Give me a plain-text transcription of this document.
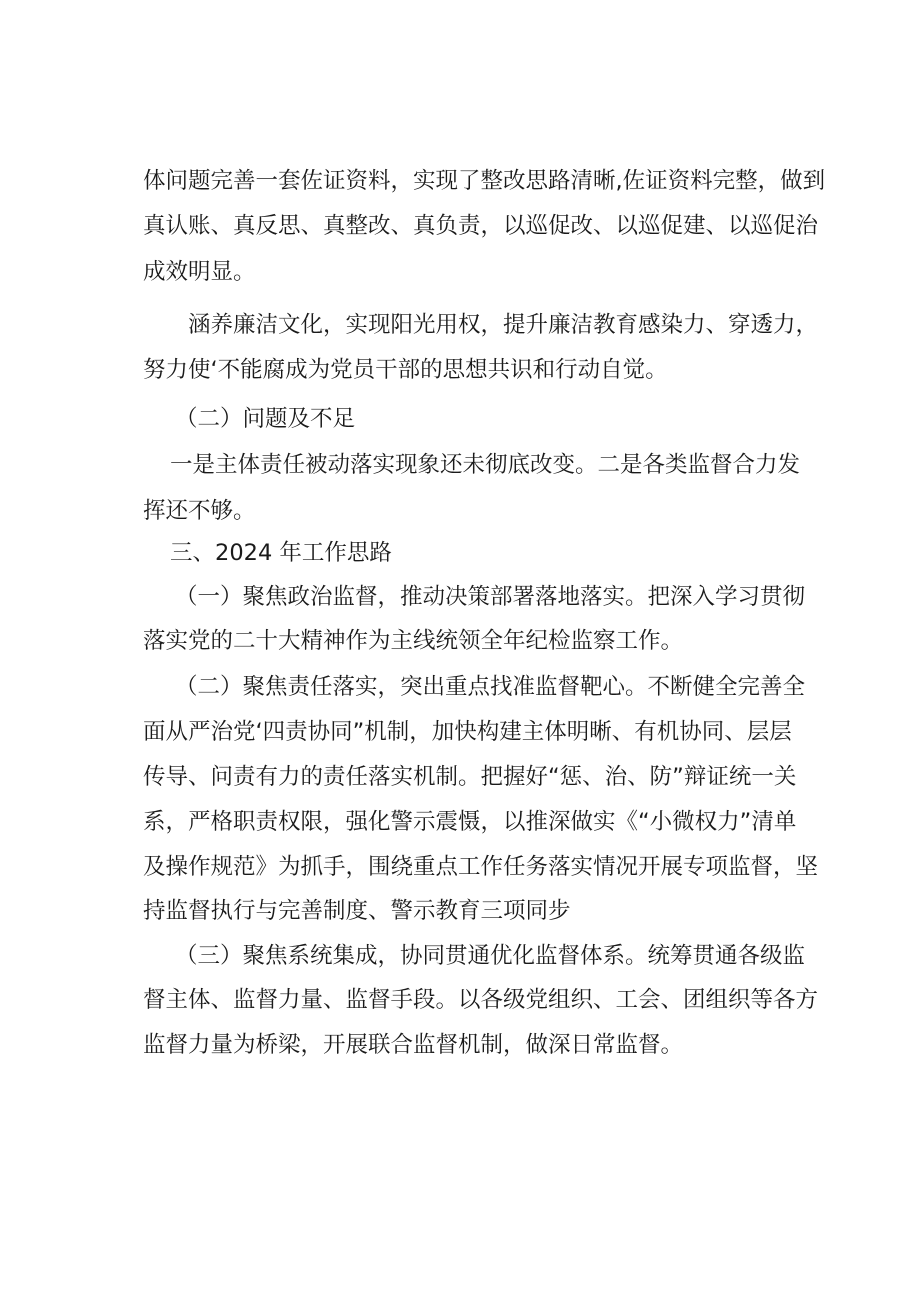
体问题完善一套佐证资料，实现了整改思路清晰,佐证资料完整，做到
真认账、真反思、真整改、真负责，以巡促改、以巡促建、以巡促治
成效明显。
涵养廉洁文化，实现阳光用权，提升廉洁教育感染力、穿透力，
努力使‘不能腐成为党员干部的思想共识和行动自觉。
（二）问题及不足
一是主体责任被动落实现象还未彻底改变。二是各类监督合力发
挥还不够。
三、2024 年工作思路
（一）聚焦政治监督，推动决策部署落地落实。把深入学习贯彻
落实党的二十大精神作为主线统领全年纪检监察工作。
（二）聚焦责任落实，突出重点找准监督靶心。不断健全完善全
面从严治党‘四责协同”机制，加快构建主体明晰、有机协同、层层
传导、问责有力的责任落实机制。把握好“惩、治、防”辩证统一关
系，严格职责权限，强化警示震慑，以推深做实《“小微权力”清单
及操作规范》为抓手，围绕重点工作任务落实情况开展专项监督，坚
持监督执行与完善制度、警示教育三项同步
（三）聚焦系统集成，协同贯通优化监督体系。统筹贯通各级监
督主体、监督力量、监督手段。以各级党组织、工会、团组织等各方
监督力量为桥梁，开展联合监督机制，做深日常监督。
